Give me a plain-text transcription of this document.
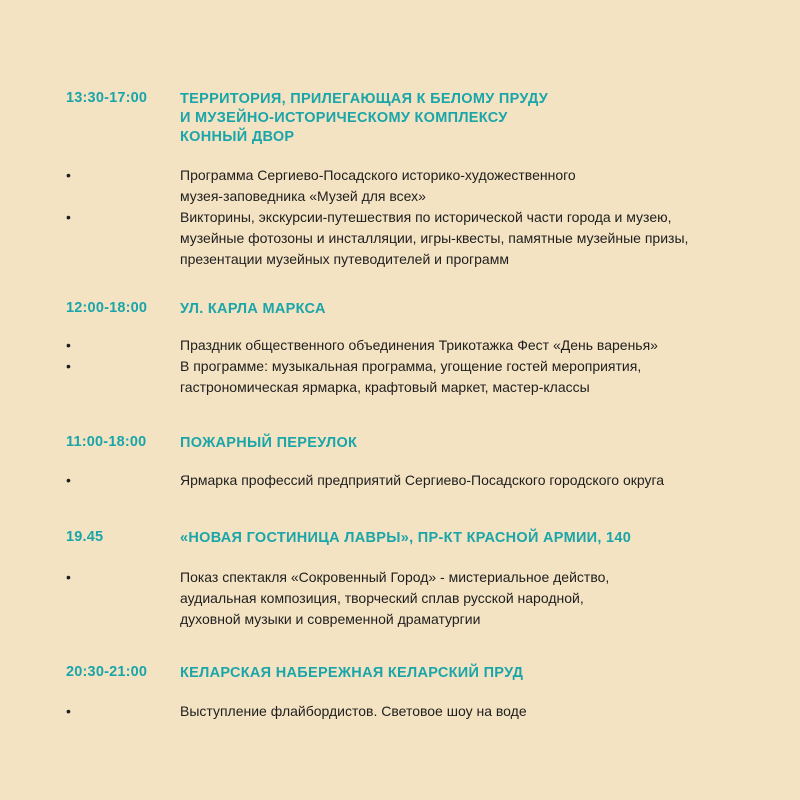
13:30-17:00 ТЕРРИТОРИЯ, ПРИЛЕГАЮЩАЯ К БЕЛОМУ ПРУДУ
И МУЗЕЙНО-ИСТОРИЧЕСКОМУ КОМПЛЕКСУ
КОННЫЙ ДВОР
•	Программа Сергиево-Посадского историко-художественного
музея-заповедника «Музей для всех»
•	Викторины, экскурсии-путешествия по исторической части города и музею,
музейные фотозоны и инсталляции, игры-квесты, памятные музейные призы,
презентации музейных путеводителей и программ
12:00-18:00 УЛ. КАРЛА МАРКСА
•	Праздник общественного объединения Трикотажка Фест «День варенья»
•	В программе: музыкальная программа, угощение гостей мероприятия,
гастрономическая ярмарка, крафтовый маркет, мастер-классы
11:00-18:00 ПОЖАРНЫЙ ПЕРЕУЛОК
•	Ярмарка профессий предприятий Сергиево-Посадского городского округа
19.45	«НОВАЯ ГОСТИНИЦА ЛАВРЫ», ПР-КТ КРАСНОЙ АРМИИ, 140
•	Показ спектакля «Сокровенный Город» - мистериальное действо,
аудиальная композиция, творческий сплав русской народной,
духовной музыки и современной драматургии
20:30-21:00 КЕЛАРСКАЯ НАБЕРЕЖНАЯ КЕЛАРСКИЙ ПРУД
•	Выступление флайбордистов. Световое шоу на воде
